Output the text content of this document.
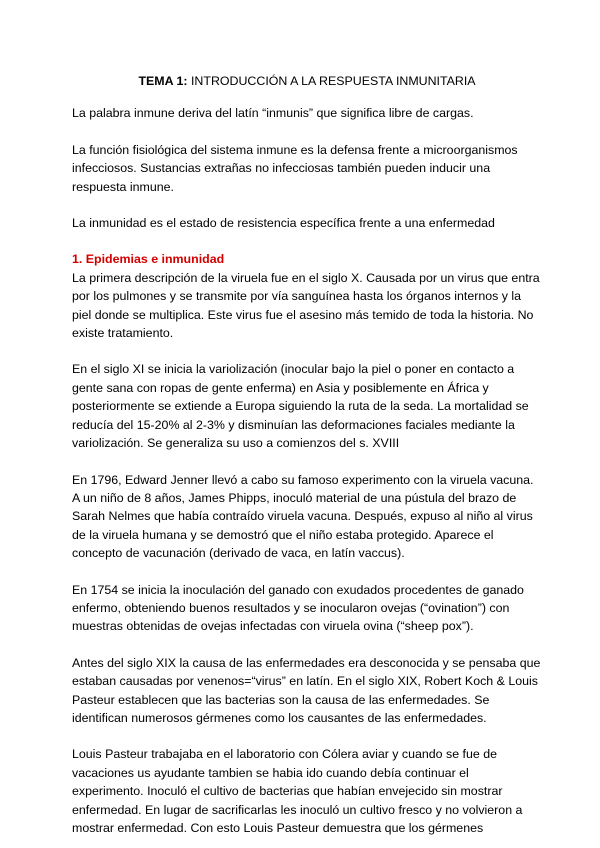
TEMA 1: INTRODUCCIÓN A LA RESPUESTA INMUNITARIA

La palabra inmune deriva del latín “inmunis” que significa libre de cargas.

La función fisiológica del sistema inmune es la defensa frente a microorganismos infecciosos. Sustancias extrañas no infecciosas también pueden inducir una respuesta inmune.

La inmunidad es el estado de resistencia específica frente a una enfermedad

1. Epidemias e inmunidad

La primera descripción de la viruela fue en el siglo X. Causada por un virus que entra por los pulmones y se transmite por vía sanguínea hasta los órganos internos y la piel donde se multiplica. Este virus fue el asesino más temido de toda la historia. No existe tratamiento.

En el siglo XI se inicia la variolización (inocular bajo la piel o poner en contacto a gente sana con ropas de gente enferma) en Asia y posiblemente en África y posteriormente se extiende a Europa siguiendo la ruta de la seda. La mortalidad se reducía del 15-20% al 2-3% y disminuían las deformaciones faciales mediante la variolización. Se generaliza su uso a comienzos del s. XVIII

En 1796, Edward Jenner llevó a cabo su famoso experimento con la viruela vacuna. A un niño de 8 años, James Phipps, inoculó material de una pústula del brazo de Sarah Nelmes que había contraído viruela vacuna. Después, expuso al niño al virus de la viruela humana y se demostró que el niño estaba protegido. Aparece el concepto de vacunación (derivado de vaca, en latín vaccus).

En 1754 se inicia la inoculación del ganado con exudados procedentes de ganado enfermo, obteniendo buenos resultados y se inocularon ovejas (“ovination”) con muestras obtenidas de ovejas infectadas con viruela ovina (“sheep pox”).

Antes del siglo XIX la causa de las enfermedades era desconocida y se pensaba que estaban causadas por venenos=“virus” en latín. En el siglo XIX, Robert Koch & Louis Pasteur establecen que las bacterias son la causa de las enfermedades. Se identifican numerosos gérmenes como los causantes de las enfermedades.

Louis Pasteur trabajaba en el laboratorio con Cólera aviar y cuando se fue de vacaciones us ayudante tambien se habia ido cuando debía continuar el experimento. Inoculó el cultivo de bacterias que habían envejecido sin mostrar enfermedad. En lugar de sacrificarlas les inoculó un cultivo fresco y no volvieron a mostrar enfermedad. Con esto Louis Pasteur demuestra que los gérmenes
